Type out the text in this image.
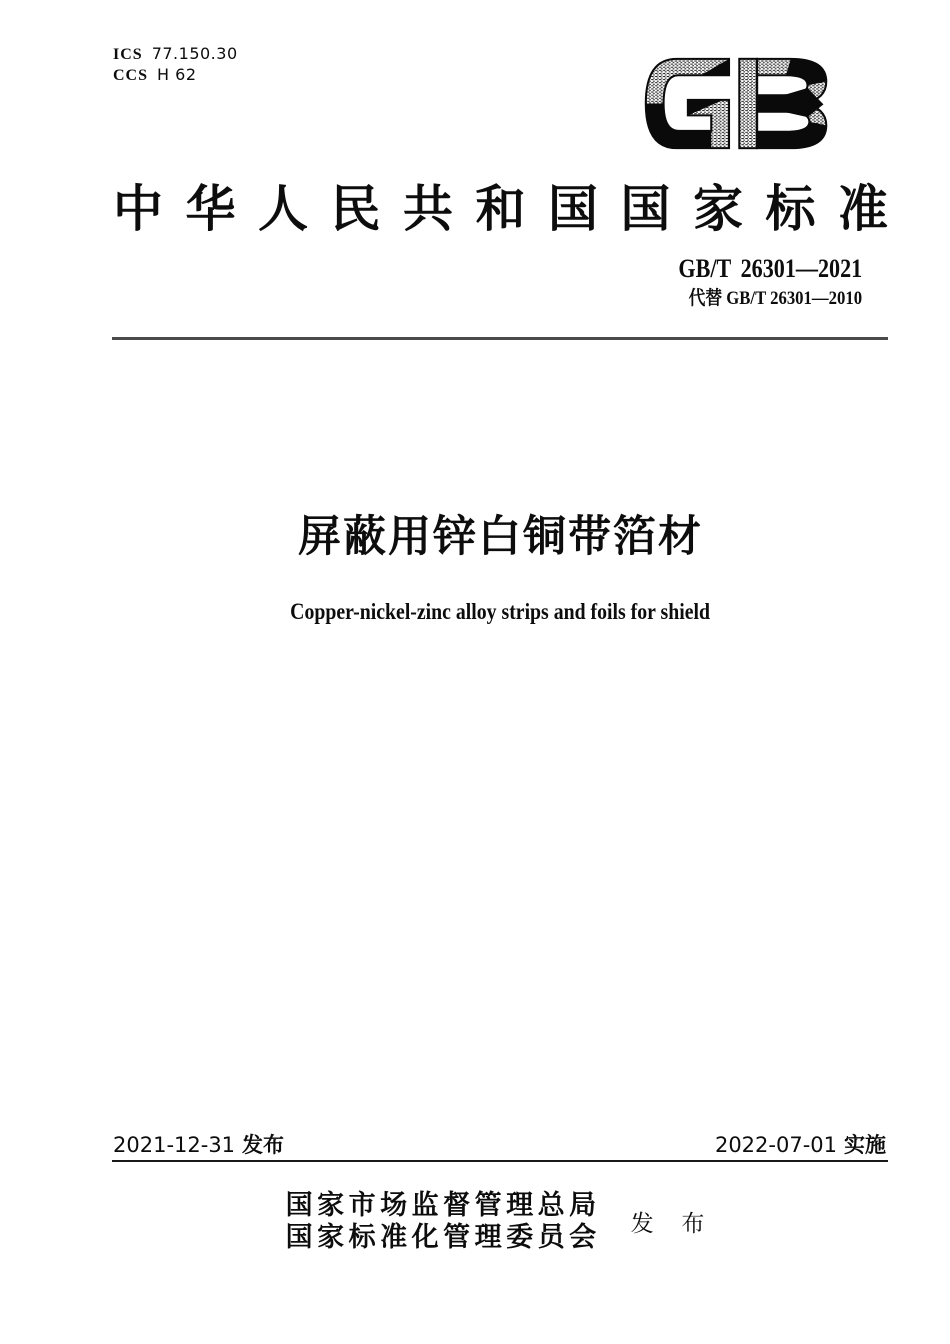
ICS 77.150.30
CCS H 62
中 华 人 民 共 和 国 国 家 标 准
GB/T 26301—2021
代替 GB/T 26301—2010
屏蔽用锌白铜带箔材
Copper-nickel-zinc alloy strips and foils for shield
2021-12-31 发布	2022-07-01 实施
国家市场监督管理总局
国家标准化管理委员会 发 布
